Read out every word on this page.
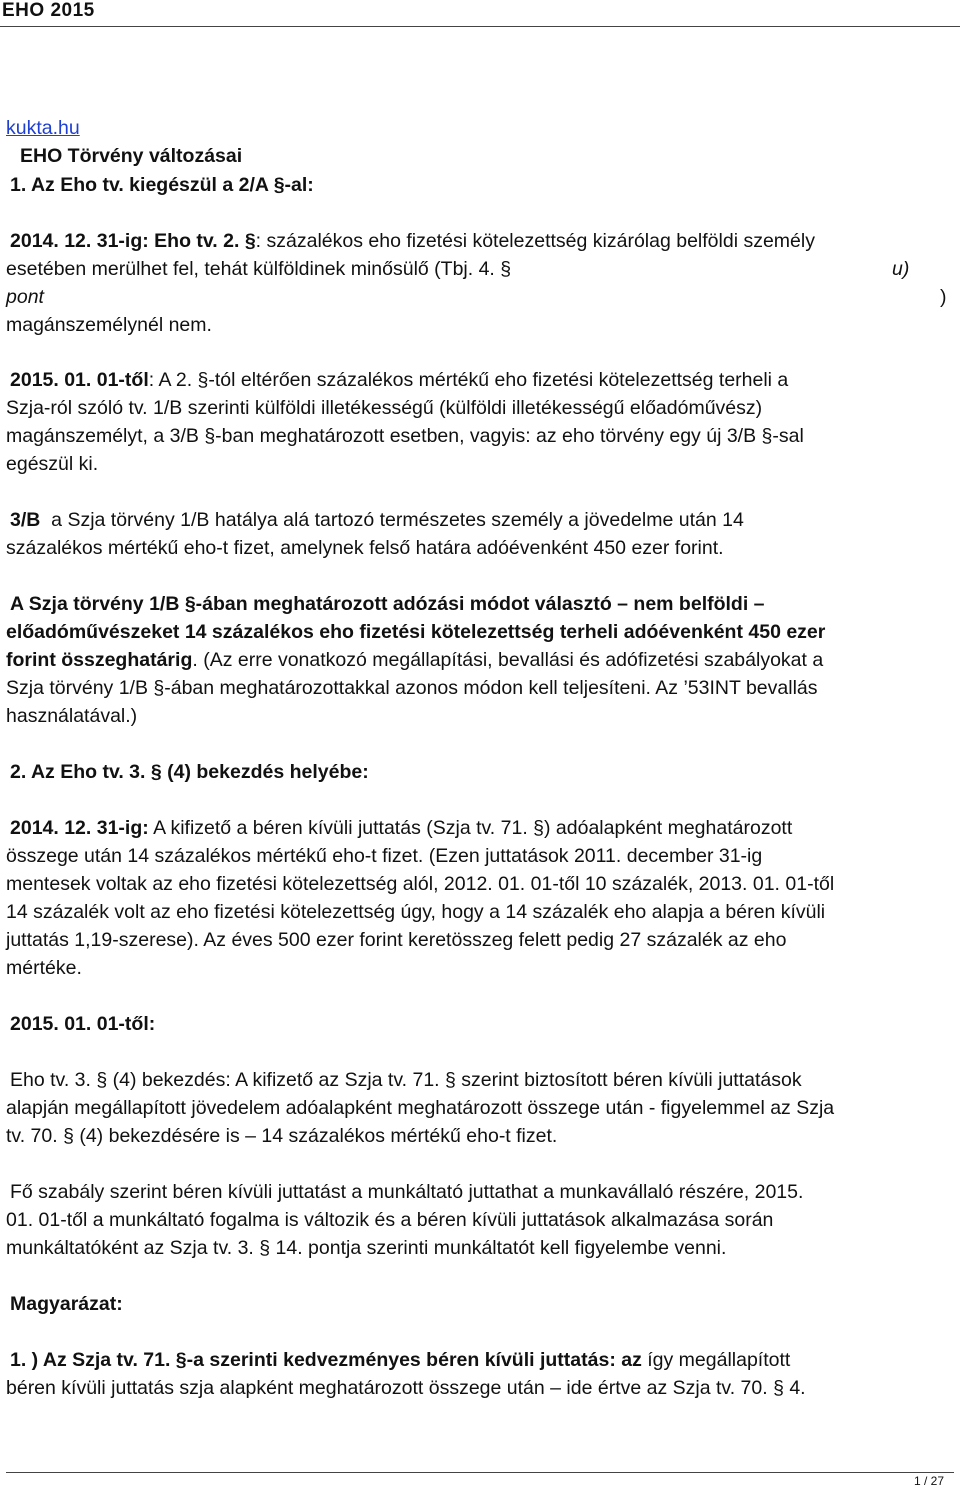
EHO 2015
kukta.hu
EHO Törvény változásai
1. Az Eho tv. kiegészül a 2/A §-al:
2014. 12. 31-ig: Eho tv. 2. §: százalékos eho fizetési kötelezettség kizárólag belföldi személy
esetében merülhet fel, tehát külföldinek minősülő (Tbj. 4. §	u)
pont	)
magánszemélynél nem.
2015. 01. 01-től: A 2. §-tól eltérően százalékos mértékű eho fizetési kötelezettség terheli a
Szja-ról szóló tv. 1/B szerinti külföldi illetékességű (külföldi illetékességű előadóművész)
magánszemélyt, a 3/B §-ban meghatározott esetben, vagyis: az eho törvény egy új 3/B §-sal
egészül ki.
3/B  a Szja törvény 1/B hatálya alá tartozó természetes személy a jövedelme után 14
százalékos mértékű eho-t fizet, amelynek felső határa adóévenként 450 ezer forint.
A Szja törvény 1/B §-ában meghatározott adózási módot választó – nem belföldi –
előadóművészeket 14 százalékos eho fizetési kötelezettség terheli adóévenként 450 ezer
forint összeghatárig. (Az erre vonatkozó megállapítási, bevallási és adófizetési szabályokat a
Szja törvény 1/B §-ában meghatározottakkal azonos módon kell teljesíteni. Az ’53INT bevallás
használatával.)
2. Az Eho tv. 3. § (4) bekezdés helyébe:
2014. 12. 31-ig: A kifizető a béren kívüli juttatás (Szja tv. 71. §) adóalapként meghatározott
összege után 14 százalékos mértékű eho-t fizet. (Ezen juttatások 2011. december 31-ig
mentesek voltak az eho fizetési kötelezettség alól, 2012. 01. 01-től 10 százalék, 2013. 01. 01-től
14 százalék volt az eho fizetési kötelezettség úgy, hogy a 14 százalék eho alapja a béren kívüli
juttatás 1,19-szerese). Az éves 500 ezer forint keretösszeg felett pedig 27 százalék az eho
mértéke.
2015. 01. 01-től:
Eho tv. 3. § (4) bekezdés: A kifizető az Szja tv. 71. § szerint biztosított béren kívüli juttatások
alapján megállapított jövedelem adóalapként meghatározott összege után - figyelemmel az Szja
tv. 70. § (4) bekezdésére is – 14 százalékos mértékű eho-t fizet.
Fő szabály szerint béren kívüli juttatást a munkáltató juttathat a munkavállaló részére, 2015.
01. 01-től a munkáltató fogalma is változik és a béren kívüli juttatások alkalmazása során
munkáltatóként az Szja tv. 3. § 14. pontja szerinti munkáltatót kell figyelembe venni.
Magyarázat:
1. ) Az Szja tv. 71. §-a szerinti kedvezményes béren kívüli juttatás: az így megállapított
béren kívüli juttatás szja alapként meghatározott összege után – ide értve az Szja tv. 70. § 4.
1 / 27
